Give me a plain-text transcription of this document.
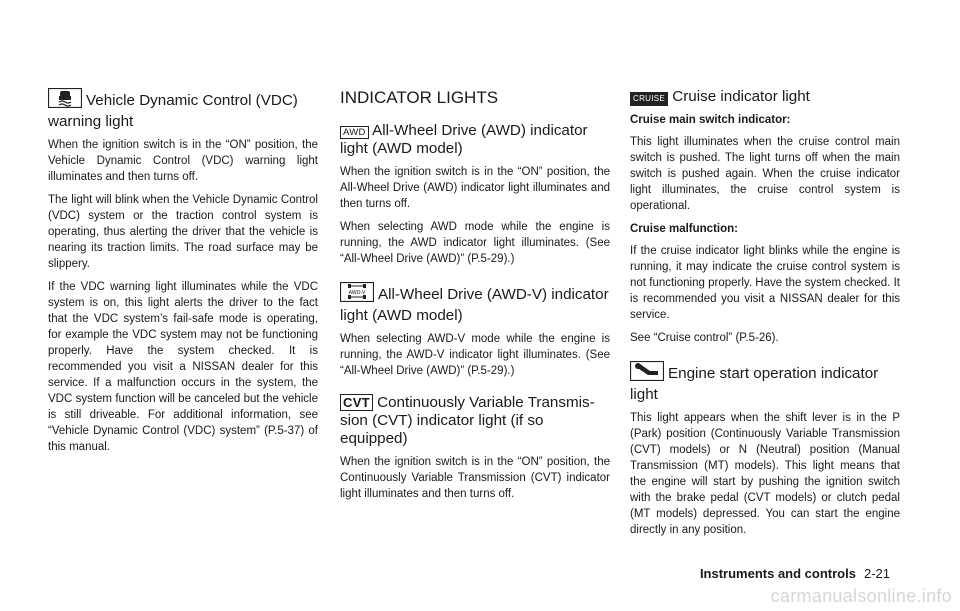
Vehicle Dynamic Control (VDC)
warning light

When the ignition switch is in the “ON” position, the Vehicle Dynamic Control (VDC) warning light illuminates and then turns off.

The light will blink when the Vehicle Dynamic Control (VDC) system or the traction control system is operating, thus alerting the driver that the vehicle is nearing its traction limits. The road surface may be slippery.

If the VDC warning light illuminates while the VDC system is on, this light alerts the driver to the fact that the VDC system’s fail-safe mode is operating, for example the VDC system may not be functioning properly. Have the system checked. It is recommended you visit a NISSAN dealer for this service. If a malfunction occurs in the system, the VDC system function will be canceled but the vehicle is still driveable. For additional information, see “Vehicle Dynamic Control (VDC) system” (P.5-37) of this manual.

INDICATOR LIGHTS
AWD All-Wheel Drive (AWD) indicator
light (AWD model)

When the ignition switch is in the “ON” position, the All-Wheel Drive (AWD) indicator light illuminates and then turns off.

When selecting AWD mode while the engine is running, the AWD indicator light illuminates. (See “All-Wheel Drive (AWD)” (P.5-29).)

AWD-V All-Wheel Drive (AWD-V) indicator
light (AWD model)

When selecting AWD-V mode while the engine is running, the AWD-V indicator light illuminates. (See “All-Wheel Drive (AWD)” (P.5-29).)

CVT Continuously Variable Transmis-
sion (CVT) indicator light (if so equipped)

When the ignition switch is in the “ON” position, the Continuously Variable Transmission (CVT) indicator light illuminates and then turns off.

CRUISE Cruise indicator light
Cruise main switch indicator:

This light illuminates when the cruise control main switch is pushed. The light turns off when the main switch is pushed again. When the cruise indicator light illuminates, the cruise control system is operational.

Cruise malfunction:

If the cruise indicator light blinks while the engine is running, it may indicate the cruise control system is not functioning properly. Have the system checked. It is recommended you visit a NISSAN dealer for this service.

See “Cruise control” (P.5-26).

Engine start operation indicator
light

This light appears when the shift lever is in the P (Park) position (Continuously Variable Transmission (CVT) models) or N (Neutral) position (Manual Transmission (MT) models). This light means that the engine will start by pushing the ignition switch with the brake pedal (CVT models) or clutch pedal (MT models) depressed. You can start the engine directly in any position.

Instruments and controls 2-21
carmanualsonline.info
